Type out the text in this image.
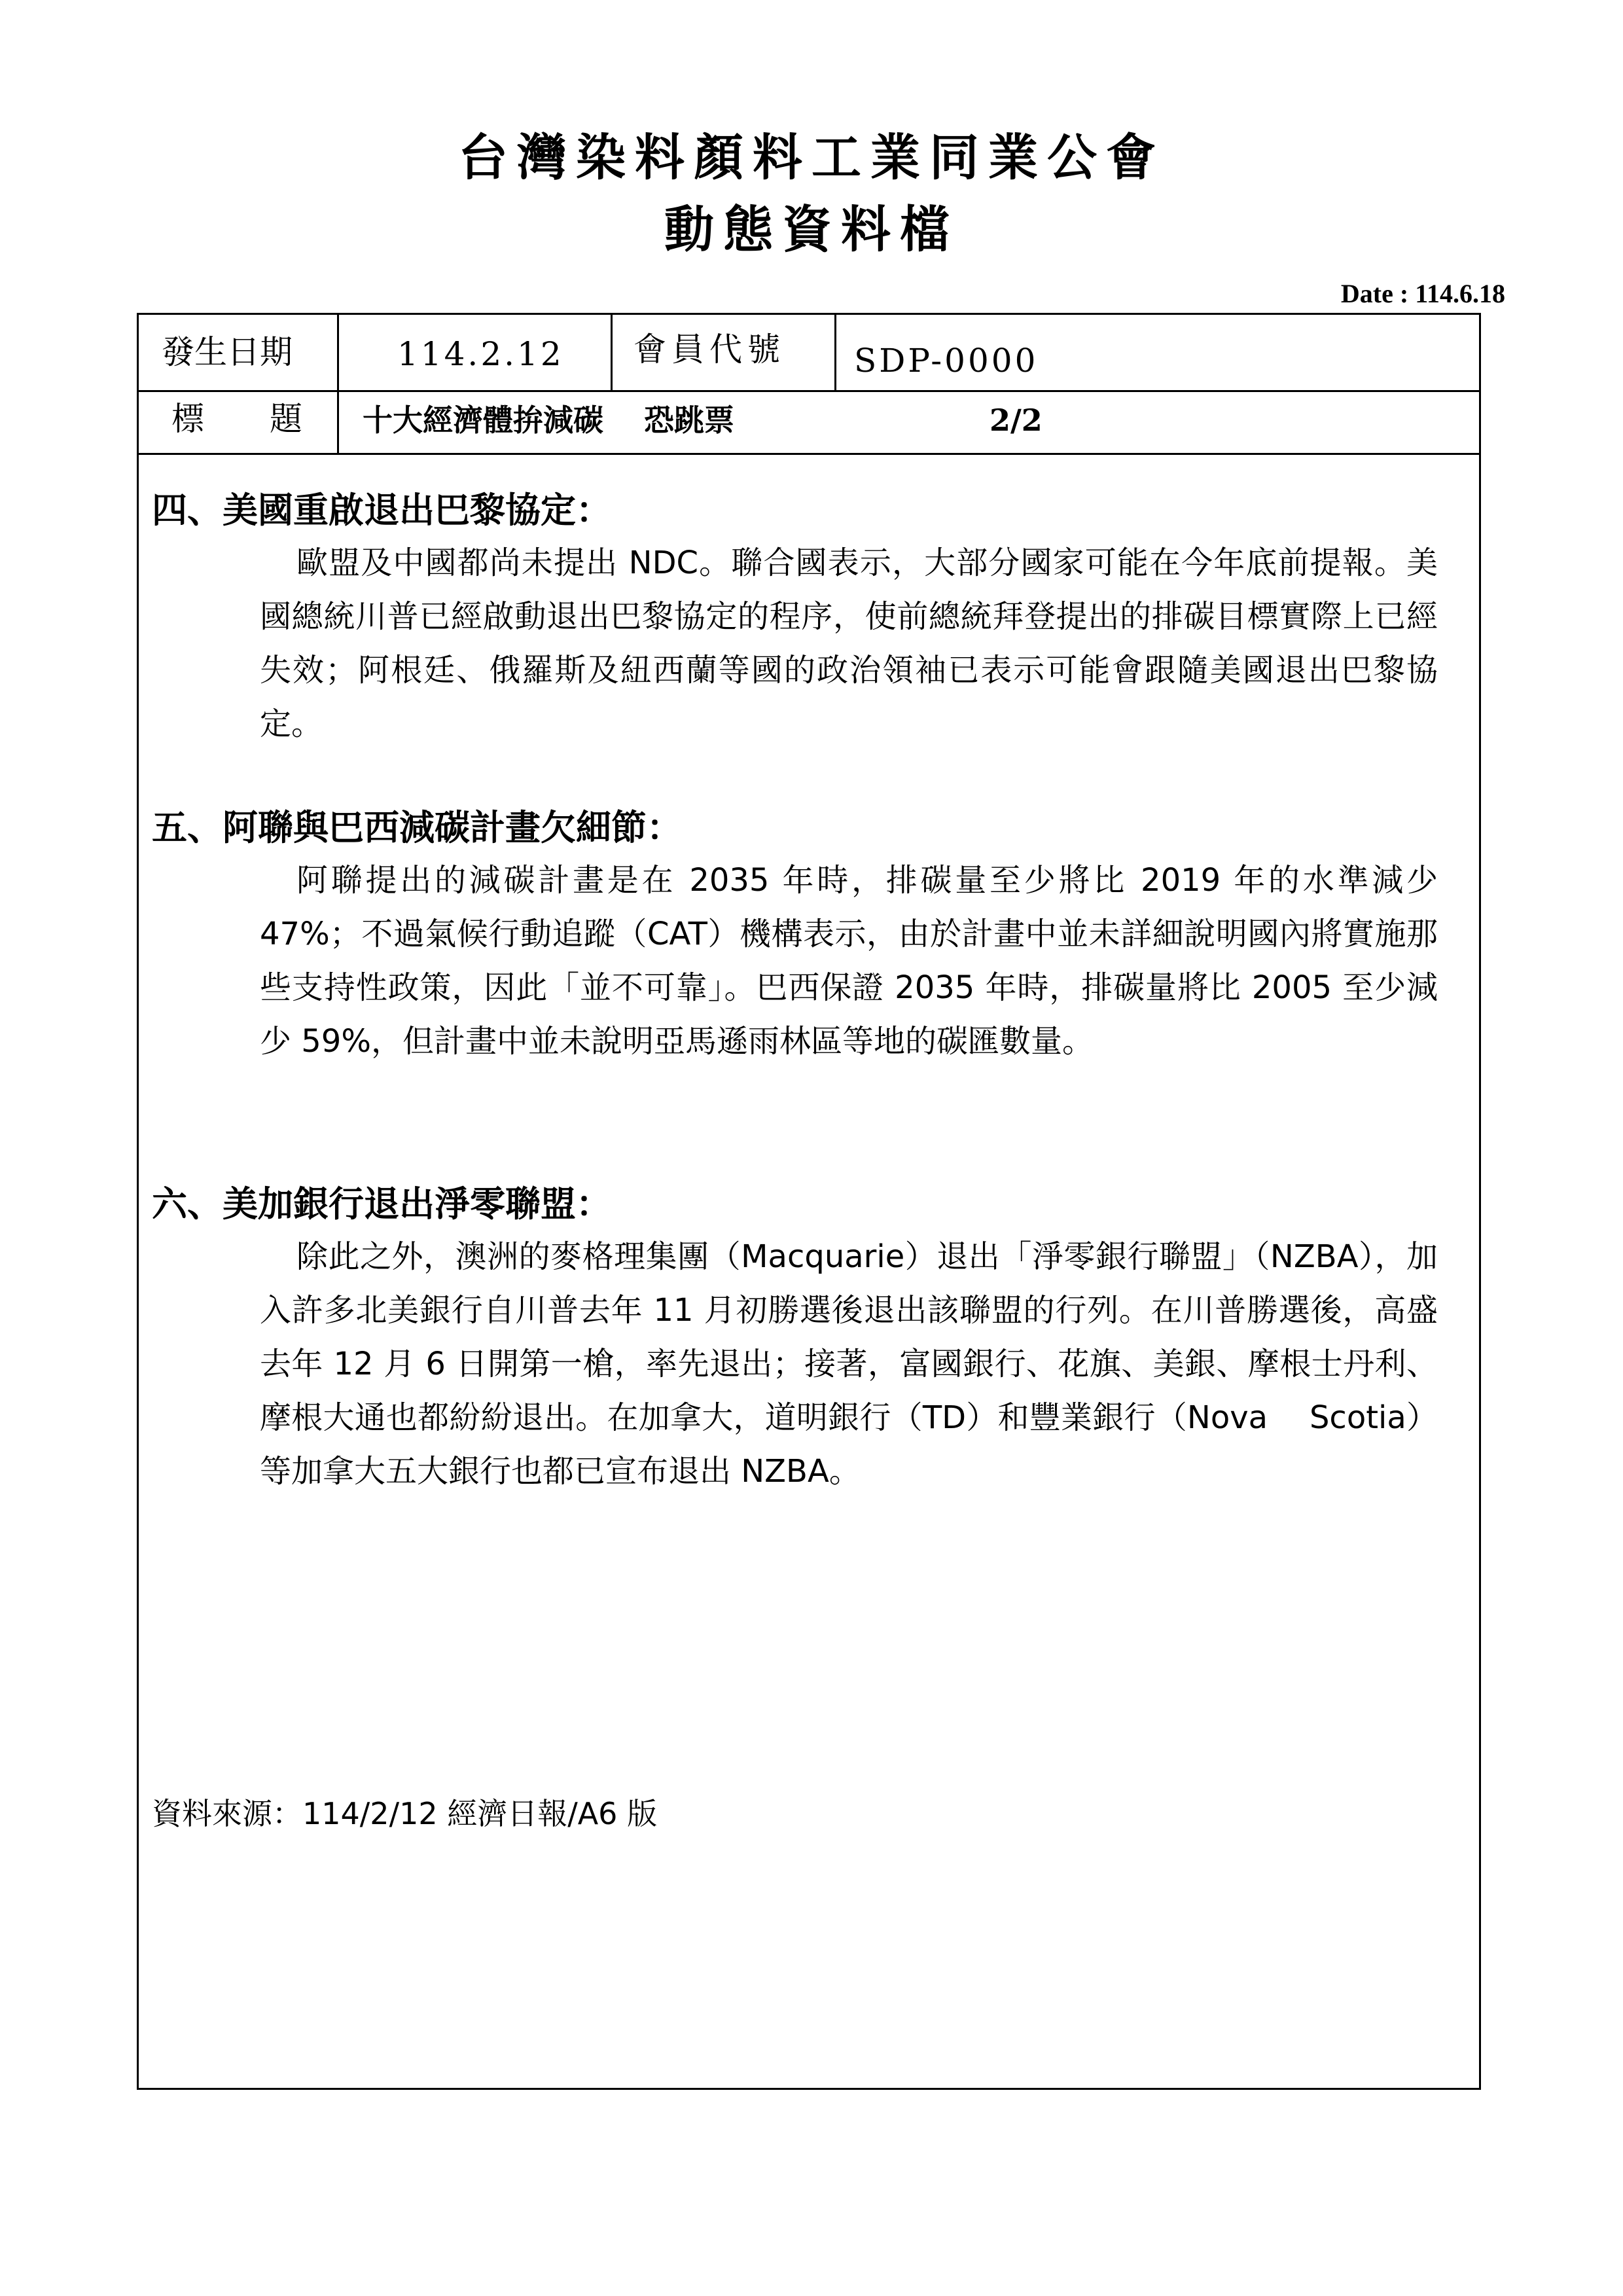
台灣染料顏料工業同業公會
動態資料檔
Date : 114.6.18
發生日期	114.2.12 會員代號 SDP-0000
標　　題 十大經濟體拚減碳　 恐跳票	2/2
四、美國重啟退出巴黎協定：
歐盟及中國都尚未提出 NDC。聯合國表示，大部分國家可能在今年底前提報。美國總統川普已經啟動退出巴黎協定的程序，使前總統拜登提出的排碳目標實際上已經失效；阿根廷、俄羅斯及紐西蘭等國的政治領袖已表示可能會跟隨美國退出巴黎協定。
五、阿聯與巴西減碳計畫欠細節：
阿聯提出的減碳計畫是在 2035 年時，排碳量至少將比 2019 年的水準減少 47%；不過氣候行動追蹤（CAT）機構表示，由於計畫中並未詳細說明國內將實施那些支持性政策，因此「並不可靠」。巴西保證 2035 年時，排碳量將比 2005 至少減少 59%，但計畫中並未說明亞馬遜雨林區等地的碳匯數量。
六、美加銀行退出淨零聯盟：
除此之外，澳洲的麥格理集團（Macquarie）退出「淨零銀行聯盟」（NZBA），加入許多北美銀行自川普去年 11 月初勝選後退出該聯盟的行列。在川普勝選後，高盛去年 12 月 6 日開第一槍，率先退出；接著，富國銀行、花旗、美銀、摩根士丹利、摩根大通也都紛紛退出。在加拿大，道明銀行（TD）和豐業銀行（Nova　 Scotia）等加拿大五大銀行也都已宣布退出 NZBA。
資料來源：114/2/12 經濟日報/A6 版
